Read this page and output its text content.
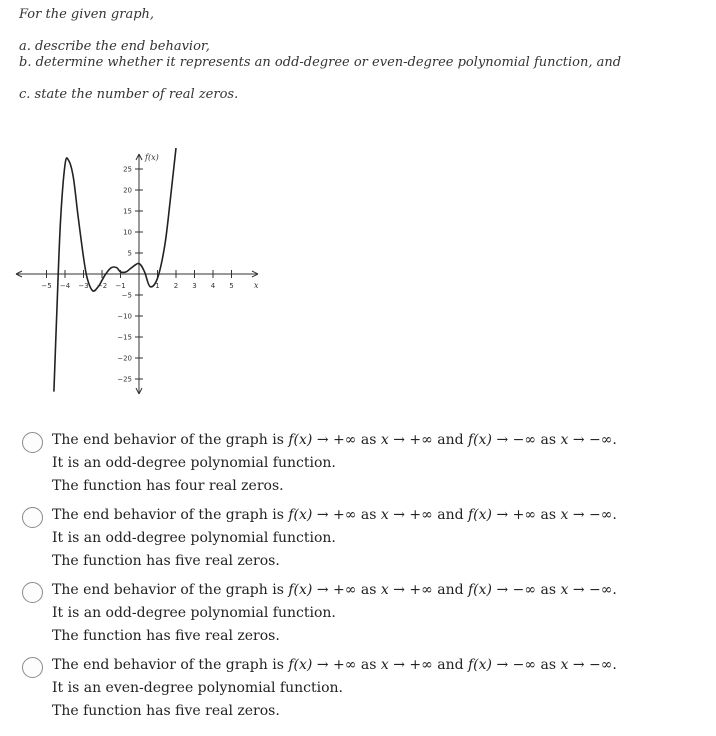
For the given graph,
a. describe the end behavior,
b. determine whether it represents an odd-degree or even-degree polynomial function, and
c. state the number of real zeros.
−5 −4 −3 −2 −1	1 2 3 4 5
−25
−20
−15
−10
−5
5
10
15
20
25
f(x)
x
The end behavior of the graph is f(x) → +∞ as x → +∞ and f(x) → −∞ as x → −∞.
It is an odd-degree polynomial function.
The function has four real zeros.
The end behavior of the graph is f(x) → +∞ as x → +∞ and f(x) → +∞ as x → −∞.
It is an odd-degree polynomial function.
The function has five real zeros.
The end behavior of the graph is f(x) → +∞ as x → +∞ and f(x) → −∞ as x → −∞.
It is an odd-degree polynomial function.
The function has five real zeros.
The end behavior of the graph is f(x) → +∞ as x → +∞ and f(x) → −∞ as x → −∞.
It is an even-degree polynomial function.
The function has five real zeros.
